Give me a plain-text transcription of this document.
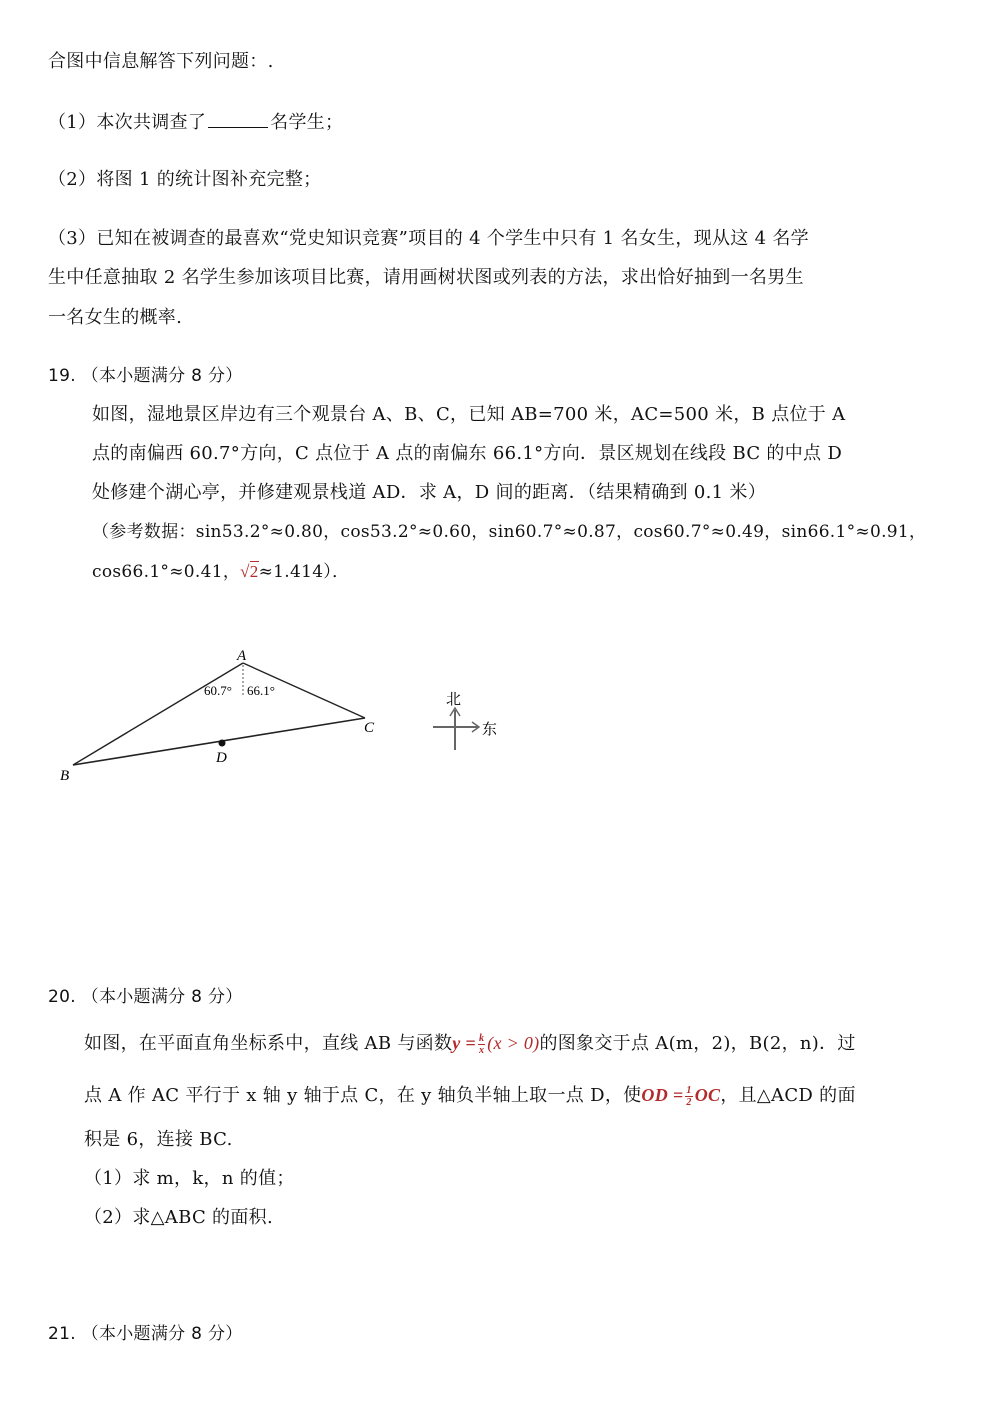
合图中信息解答下列问题：.
（1）本次共调查了	名学生；
（2）将图 1 的统计图补充完整；
（3）已知在被调查的最喜欢“党史知识竞赛”项目的 4 个学生中只有 1 名女生，现从这 4 名学
生中任意抽取 2 名学生参加该项目比赛，请用画树状图或列表的方法，求出恰好抽到一名男生
一名女生的概率.
19. （本小题满分 8 分）
如图，湿地景区岸边有三个观景台 A、B、C，已知 AB=700 米，AC=500 米，B 点位于 A
点的南偏西 60.7°方向，C 点位于 A 点的南偏东 66.1°方向．景区规划在线段 BC 的中点 D
处修建个湖心亭，并修建观景栈道 AD．求 A，D 间的距离．（结果精确到 0.1 米）
（参考数据：sin53.2°≈0.80，cos53.2°≈0.60，sin60.7°≈0.87，cos60.7°≈0.49，sin66.1°≈0.91，
cos66.1°≈0.41，√2≈1.414）．
A
B
C
D
60.7° 66.1°
北
东
20. （本小题满分 8 分）
如图，在平面直角坐标系中，直线 AB 与函数$y = \frac{k}{x} (x > 0)$的图象交于点 A(m，2)，B(2，n)．过
点 A 作 AC 平行于 x 轴 y 轴于点 C，在 y 轴负半轴上取一点 D，使OD = $\frac{1}{2}$ OC，且△ACD 的面
积是 6，连接 BC.
（1）求 m，k，n 的值；
（2）求△ABC 的面积.
21. （本小题满分 8 分）
